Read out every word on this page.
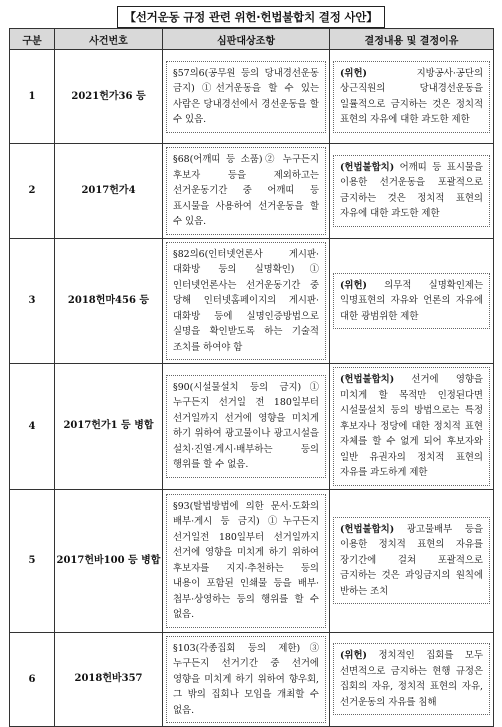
【선거운동 규정 관련 위헌·헌법불합치 결정 사안】
구분	사건번호	심판대상조항	결정내용 및 결정이유
1	2021헌가36 등	§57의6(공무원 등의 당내경선운동 금지) ①선거운동을 할 수 있는 사람은 당내경선에서 경선운동을 할 수 있음.	(위헌) 지방공사·공단의 상근직원의 당내경선운동을 일률적으로 금지하는 것은 정치적 표현의 자유에 대한 과도한 제한

2	2017헌가4	§68(어깨띠 등 소품)② 누구든지 후보자 등을 제외하고는 선거운동기간 중 어깨띠 등 표시물을 사용하여 선거운동을 할 수 있음.	(헌법불합치) 어깨띠 등 표시물을 이용한 선거운동을 포괄적으로 금지하는 것은 정치적 표현의 자유에 대한 과도한 제한

3	2018헌마456 등	§82의6(인터넷언론사 게시판·대화방 등의 실명확인)① 인터넷언론사는 선거운동기간 중 당해 인터넷홈페이지의 게시판·대화방 등에 실명인증방법으로 실명을 확인받도록 하는 기술적 조치를 하여야 함	(위헌) 의무적 실명확인제는 익명표현의 자유와 언론의 자유에 대한 광범위한 제한

4	2017헌가1 등 병합	§90(시설물설치 등의 금지)① 누구든지 선거일 전 180일부터 선거일까지 선거에 영향을 미치게 하기 위하여 광고물이나 광고시설을 설치·진열·게시·배부하는 등의 행위를 할 수 없음.	(헌법불합치) 선거에 영향을 미치게 할 목적만 인정된다면 시설물설치 등의 방법으로는 특정 후보자나 정당에 대한 정치적 표현 자체를 할 수 없게 되어 후보자와 일반 유권자의 정치적 표현의 자유를 과도하게 제한

5	2017헌바100 등 병합	§93(탈법방법에 의한 문서·도화의 배부·게시 등 금지) ①누구든지 선거일전 180일부터 선거일까지 선거에 영향을 미치게 하기 위하여 후보자를 지지·추천하는 등의 내용이 포함된 인쇄물 등을 배부·첩부·상영하는 등의 행위를 할 수 없음.	(헌법불합치) 광고물배부 등을 이용한 정치적 표현의 자유를 장기간에 걸쳐 포괄적으로 금지하는 것은 과잉금지의 원칙에 반하는 조치

6	2018헌바357	§103(각종집회 등의 제한)③ 누구든지 선거기간 중 선거에 영향을 미치게 하기 위하여 향우회, 그 밖의 집회나 모임을 개최할 수 없음.	(위헌) 정치적인 집회를 모두 선면적으로 금지하는 현행 규정은 집회의 자유, 정치적 표현의 자유, 선거운동의 자유를 침해
